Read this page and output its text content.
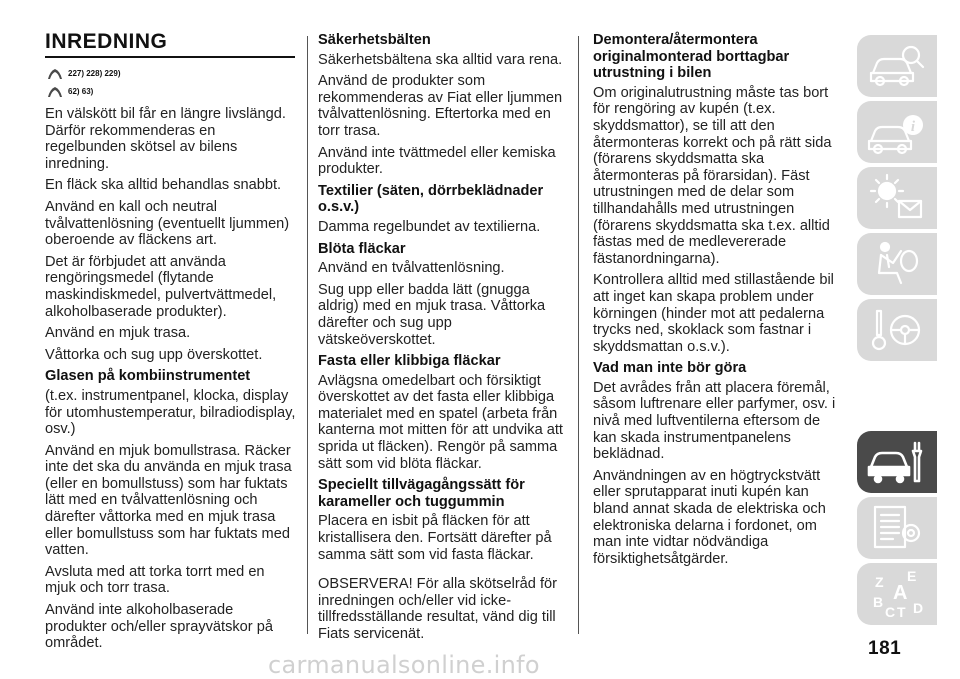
INREDNING
227) 228) 229)
62) 63)
En välskött bil får en längre livslängd. Därför rekommenderas en regelbunden skötsel av bilens inredning.
En fläck ska alltid behandlas snabbt.
Använd en kall och neutral tvålvattenlösning (eventuellt ljummen) oberoende av fläckens art.
Det är förbjudet att använda rengöringsmedel (flytande maskindiskmedel, pulvertvättmedel, alkoholbaserade produkter).
Använd en mjuk trasa.
Våttorka och sug upp överskottet.
Glasen på kombiinstrumentet
(t.ex. instrumentpanel, klocka, display för utomhustemperatur, bilradiodisplay, osv.)
Använd en mjuk bomullstrasa. Räcker inte det ska du använda en mjuk trasa (eller en bomullstuss) som har fuktats lätt med en tvålvattenlösning och därefter våttorka med en mjuk trasa eller bomullstuss som har fuktats med vatten.
Avsluta med att torka torrt med en mjuk och torr trasa.
Använd inte alkoholbaserade produkter och/eller sprayvätskor på området.
Säkerhetsbälten
Säkerhetsbältena ska alltid vara rena.
Använd de produkter som rekommenderas av Fiat eller ljummen tvålvattenlösning. Eftertorka med en torr trasa.
Använd inte tvättmedel eller kemiska produkter.
Textilier (säten, dörrbeklädnader o.s.v.)
Damma regelbundet av textilierna.
Blöta fläckar
Använd en tvålvattenlösning.
Sug upp eller badda lätt (gnugga aldrig) med en mjuk trasa. Våttorka därefter och sug upp vätskeöverskottet.
Fasta eller klibbiga fläckar
Avlägsna omedelbart och försiktigt överskottet av det fasta eller klibbiga materialet med en spatel (arbeta från kanterna mot mitten för att undvika att sprida ut fläcken). Rengör på samma sätt som vid blöta fläckar.
Speciellt tillvägagångssätt för karameller och tuggummin
Placera en isbit på fläcken för att kristallisera den. Fortsätt därefter på samma sätt som vid fasta fläckar.
OBSERVERA! För alla skötselråd för inredningen och/eller vid icke-tillfredsställande resultat, vänd dig till Fiats servicenät.
Demontera/återmontera originalmonterad borttagbar utrustning i bilen
Om originalutrustning måste tas bort för rengöring av kupén (t.ex. skyddsmattor), se till att den återmonteras korrekt och på rätt sida (förarens skyddsmatta ska återmonteras på förarsidan). Fäst utrustningen med de delar som tillhandahålls med utrustningen (förarens skyddsmatta ska t.ex. alltid fästas med de medlevererade fästanordningarna).
Kontrollera alltid med stillastående bil att inget kan skapa problem under körningen (hinder mot att pedalerna trycks ned, skoklack som fastnar i skyddsmattan o.s.v.).
Vad man inte bör göra
Det avrådes från att placera föremål, såsom luftrenare eller parfymer, osv. i nivå med luftventilerna eftersom de kan skada instrumentpanelens beklädnad.
Användningen av en högtryckstvätt eller sprutapparat inuti kupén kan bland annat skada de elektriska och elektroniska delarna i fordonet, om man inte vidtar nödvändiga försiktighetsåtgärder.
i
Z E
A
B
C T D
181
carmanualsonline.info
